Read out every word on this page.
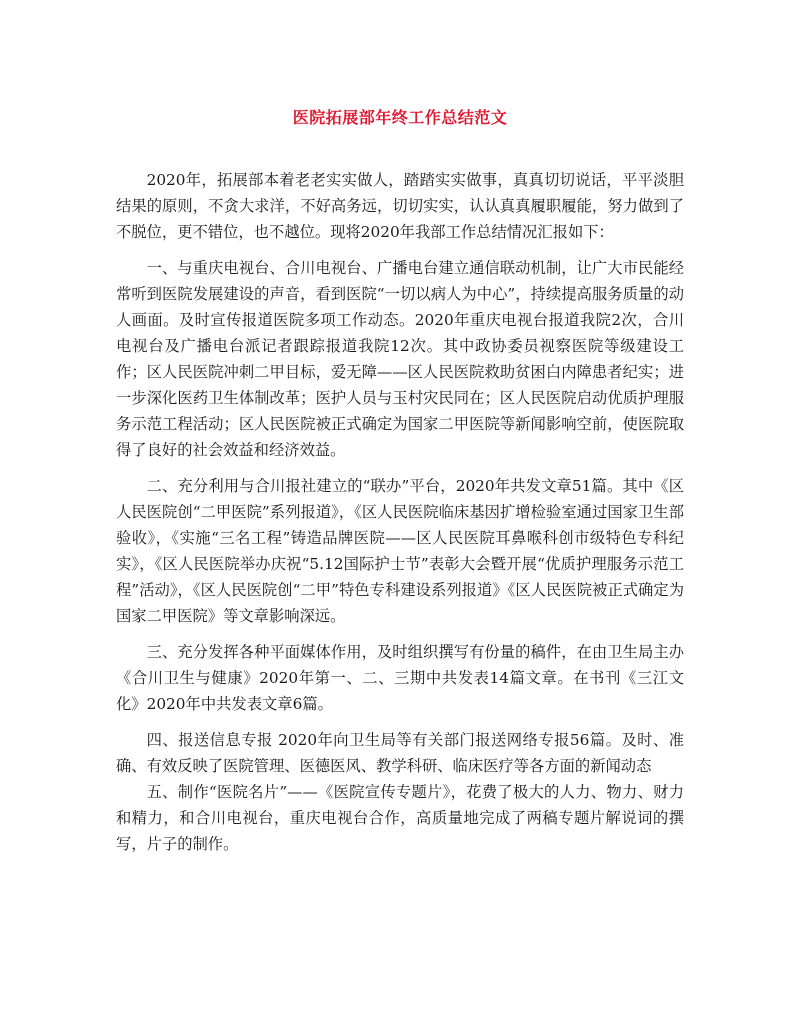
医院拓展部年终工作总结范文

2020年，拓展部本着老老实实做人，踏踏实实做事，真真切切说话，平平淡胆结果的原则，不贪大求洋，不好高务远，切切实实，认认真真履职履能，努力做到了不脱位，更不错位，也不越位。现将2020年我部工作总结情况汇报如下：

一、与重庆电视台、合川电视台、广播电台建立通信联动机制，让广大市民能经常听到医院发展建设的声音，看到医院“一切以病人为中心”，持续提高服务质量的动人画面。及时宣传报道医院多项工作动态。2020年重庆电视台报道我院2次，合川电视台及广播电台派记者跟踪报道我院12次。其中政协委员视察医院等级建设工作；区人民医院冲刺二甲目标，爱无障——区人民医院救助贫困白内障患者纪实；进一步深化医药卫生体制改革；医护人员与玉村灾民同在；区人民医院启动优质护理服务示范工程活动；区人民医院被正式确定为国家二甲医院等新闻影响空前，使医院取得了良好的社会效益和经济效益。

二、充分利用与合川报社建立的“联办”平台，2020年共发文章51篇。其中《区人民医院创“二甲医院”系列报道》，《区人民医院临床基因扩增检验室通过国家卫生部验收》，《实施“三名工程”铸造品牌医院——区人民医院耳鼻喉科创市级特色专科纪实》，《区人民医院举办庆祝“5.12国际护士节”表彰大会暨开展“优质护理服务示范工程”活动》，《区人民医院创“二甲”特色专科建设系列报道》《区人民医院被正式确定为国家二甲医院》等文章影响深远。

三、充分发挥各种平面媒体作用，及时组织撰写有份量的稿件，在由卫生局主办《合川卫生与健康》2020年第一、二、三期中共发表14篇文章。在书刊《三江文化》2020年中共发表文章6篇。

四、报送信息专报 2020年向卫生局等有关部门报送网络专报56篇。及时、准确、有效反映了医院管理、医德医风、教学科研、临床医疗等各方面的新闻动态

五、制作“医院名片”——《医院宣传专题片》，花费了极大的人力、物力、财力和精力，和合川电视台，重庆电视台合作，高质量地完成了两稿专题片解说词的撰写，片子的制作。
